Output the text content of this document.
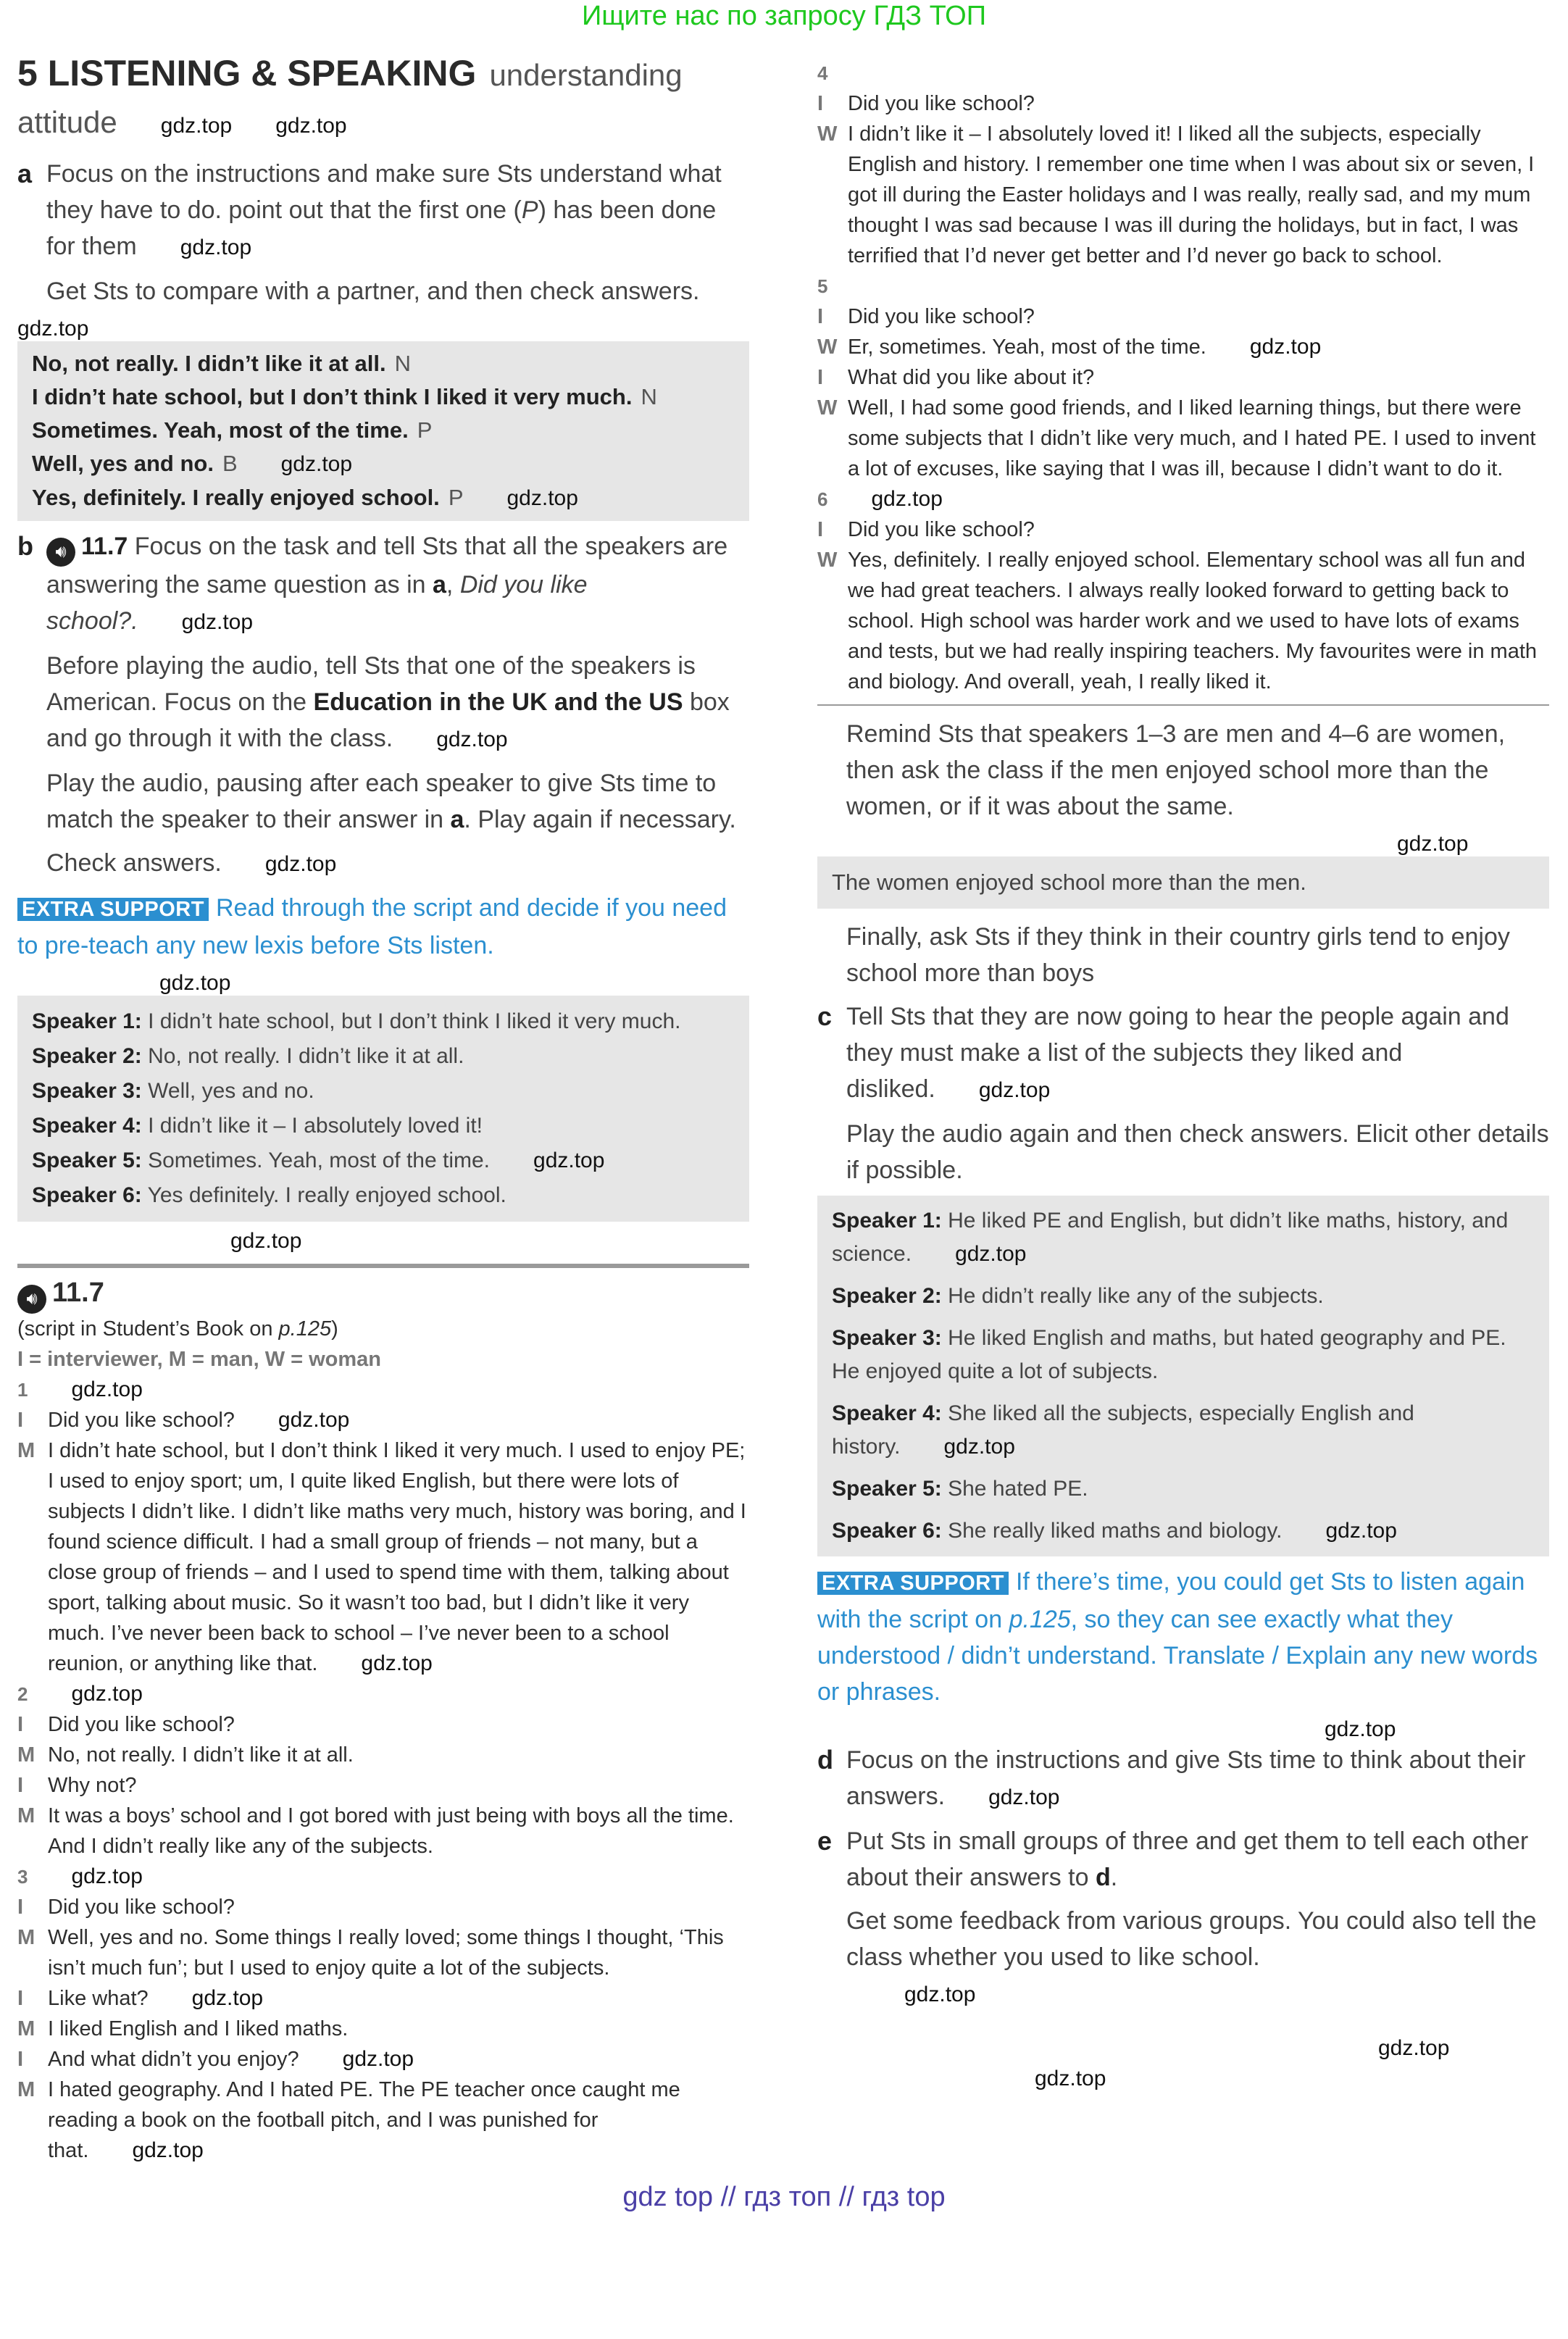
Ищите нас по запросу ГДЗ ТОП
5 LISTENING & SPEAKING understanding attitude gdz.top gdz.top
a Focus on the instructions and make sure Sts understand what they have to do. point out that the first one (P) has been done for them gdz.top
Get Sts to compare with a partner, and then check answers.
gdz.top
No, not really. I didn’t like it at all. N
I didn’t hate school, but I don’t think I liked it very much. N
Sometimes. Yeah, most of the time. P
Well, yes and no. B gdz.top
Yes, definitely. I really enjoyed school. P gdz.top
b 🔊︎ 11.7 Focus on the task and tell Sts that all the speakers are answering the same question as in a, Did you like school?. gdz.top
Before playing the audio, tell Sts that one of the speakers is American. Focus on the Education in the UK and the US box and go through it with the class. gdz.top
Play the audio, pausing after each speaker to give Sts time to match the speaker to their answer in a. Play again if necessary.
Check answers. gdz.top
EXTRA SUPPORT Read through the script and decide if you need to pre-teach any new lexis before Sts listen.
gdz.top
Speaker 1: I didn’t hate school, but I don’t think I liked it very much.
Speaker 2: No, not really. I didn’t like it at all.
Speaker 3: Well, yes and no.
Speaker 4: I didn’t like it – I absolutely loved it!
Speaker 5: Sometimes. Yeah, most of the time. gdz.top
Speaker 6: Yes definitely. I really enjoyed school.
gdz.top
🔊︎ 11.7
(script in Student’s Book on p.125)
I = interviewer, M = man, W = woman
1 gdz.top
I Did you like school? gdz.top
M I didn’t hate school, but I don’t think I liked it very much. I used to enjoy PE; I used to enjoy sport; um, I quite liked English, but there were lots of subjects I didn’t like. I didn’t like maths very much, history was boring, and I found science difficult. I had a small group of friends – not many, but a close group of friends – and I used to spend time with them, talking about sport, talking about music. So it wasn’t too bad, but I didn’t like it very much. I’ve never been back to school – I’ve never been to a school reunion, or anything like that. gdz.top
2 gdz.top
I Did you like school?
M No, not really. I didn’t like it at all.
I Why not?
M It was a boys’ school and I got bored with just being with boys all the time. And I didn’t really like any of the subjects.
3 gdz.top
I Did you like school?
M Well, yes and no. Some things I really loved; some things I thought, ‘This isn’t much fun’; but I used to enjoy quite a lot of the subjects.
I Like what? gdz.top
M I liked English and I liked maths.
I And what didn’t you enjoy? gdz.top
M I hated geography. And I hated PE. The PE teacher once caught me reading a book on the football pitch, and I was punished for that. gdz.top
4
I Did you like school?
W I didn’t like it – I absolutely loved it! I liked all the subjects, especially English and history. I remember one time when I was about six or seven, I got ill during the Easter holidays and I was really, really sad, and my mum thought I was sad because I was ill during the holidays, but in fact, I was terrified that I’d never get better and I’d never go back to school.
5
I Did you like school?
W Er, sometimes. Yeah, most of the time. gdz.top
I What did you like about it?
W Well, I had some good friends, and I liked learning things, but there were some subjects that I didn’t like very much, and I hated PE. I used to invent a lot of excuses, like saying that I was ill, because I didn’t want to do it.
6 gdz.top
I Did you like school?
W Yes, definitely. I really enjoyed school. Elementary school was all fun and we had great teachers. I always really looked forward to getting back to school. High school was harder work and we used to have lots of exams and tests, but we had really inspiring teachers. My favourites were in math and biology. And overall, yeah, I really liked it.
Remind Sts that speakers 1–3 are men and 4–6 are women, then ask the class if the men enjoyed school more than the women, or if it was about the same.
gdz.top
The women enjoyed school more than the men.
Finally, ask Sts if they think in their country girls tend to enjoy school more than boys
c Tell Sts that they are now going to hear the people again and they must make a list of the subjects they liked and disliked. gdz.top
Play the audio again and then check answers. Elicit other details if possible.
Speaker 1: He liked PE and English, but didn’t like maths, history, and science. gdz.top
Speaker 2: He didn’t really like any of the subjects.
Speaker 3: He liked English and maths, but hated geography and PE. He enjoyed quite a lot of subjects.
Speaker 4: She liked all the subjects, especially English and history. gdz.top
Speaker 5: She hated PE.
Speaker 6: She really liked maths and biology. gdz.top
EXTRA SUPPORT If there’s time, you could get Sts to listen again with the script on p.125, so they can see exactly what they understood / didn’t understand. Translate / Explain any new words or phrases.
gdz.top
d Focus on the instructions and give Sts time to think about their answers. gdz.top
e Put Sts in small groups of three and get them to tell each other about their answers to d.
Get some feedback from various groups. You could also tell the class whether you used to like school.
gdz.top
gdz.top
gdz.top
gdz top // гдз топ // гдз top
